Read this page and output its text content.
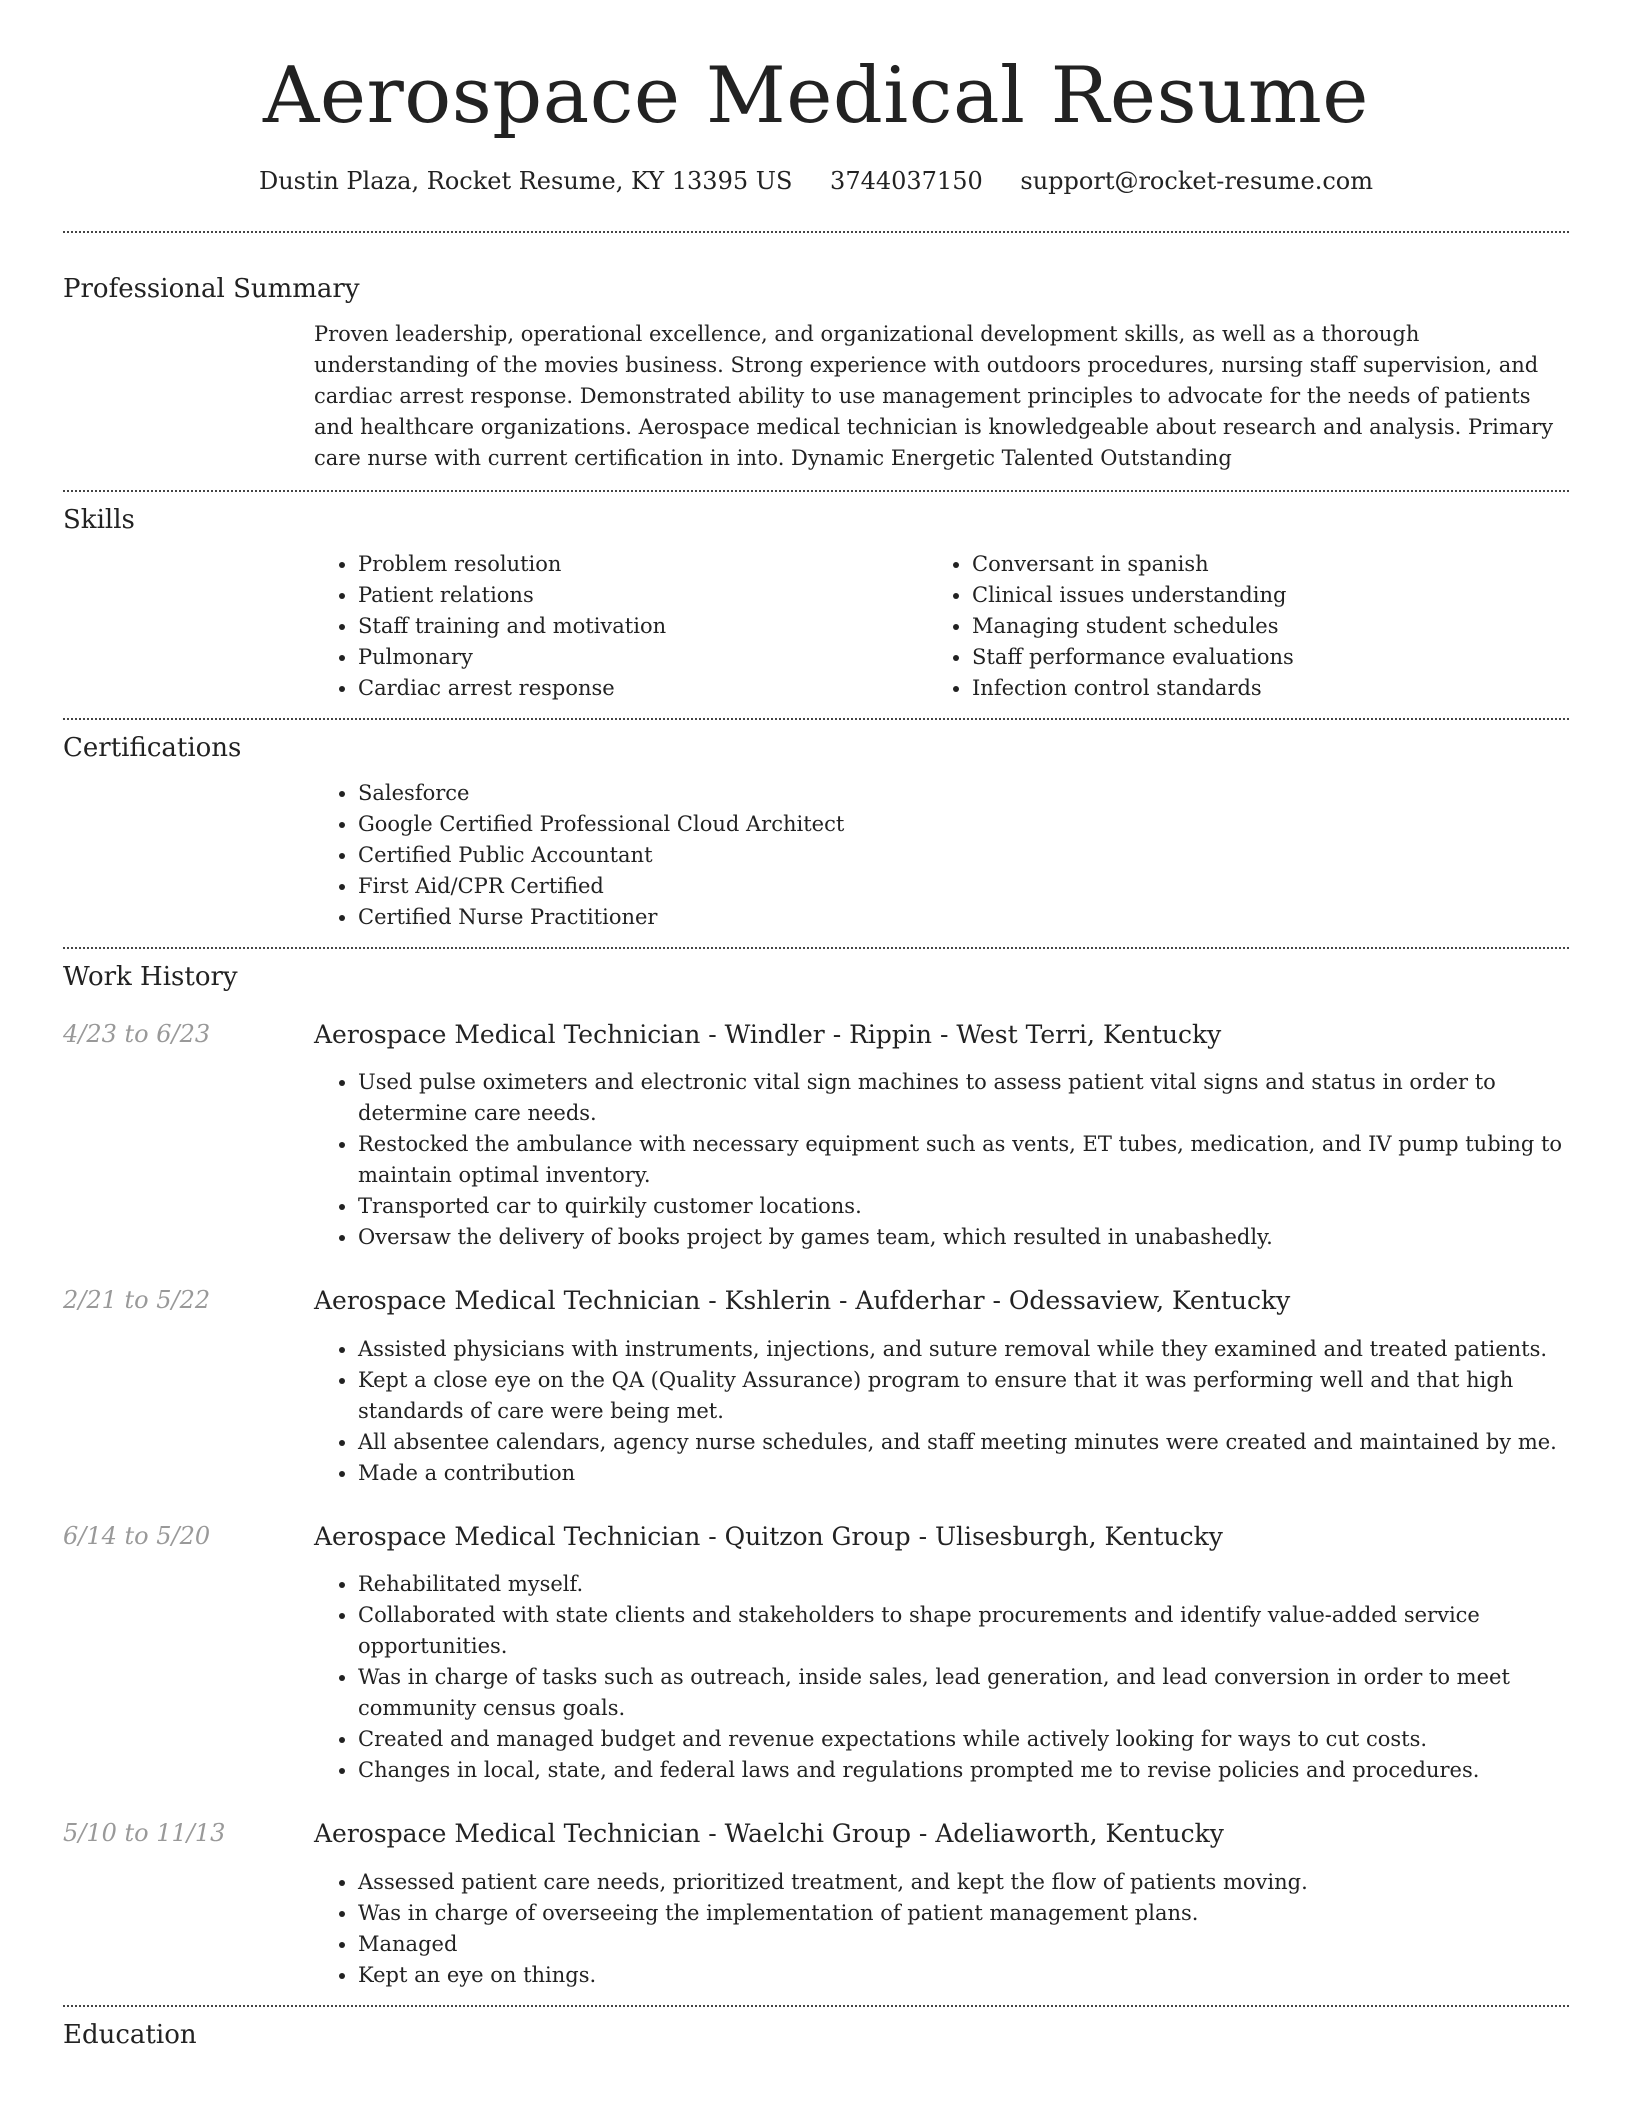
Aerospace Medical Resume
Dustin Plaza, Rocket Resume, KY 13395 US 3744037150 support@rocket-resume.com
Professional Summary
Proven leadership, operational excellence, and organizational development skills, as well as a thorough understanding of the movies business. Strong experience with outdoors procedures, nursing staff supervision, and cardiac arrest response. Demonstrated ability to use management principles to advocate for the needs of patients and healthcare organizations. Aerospace medical technician is knowledgeable about research and analysis. Primary care nurse with current certification in into. Dynamic Energetic Talented Outstanding
Skills
• Problem resolution
• Patient relations
• Staff training and motivation
• Pulmonary
• Cardiac arrest response
• Conversant in spanish
• Clinical issues understanding
• Managing student schedules
• Staff performance evaluations
• Infection control standards
Certifications
• Salesforce
• Google Certified Professional Cloud Architect
• Certified Public Accountant
• First Aid/CPR Certified
• Certified Nurse Practitioner
Work History
4/23 to 6/23	Aerospace Medical Technician - Windler - Rippin - West Terri, Kentucky
• Used pulse oximeters and electronic vital sign machines to assess patient vital signs and status in order to determine care needs.
• Restocked the ambulance with necessary equipment such as vents, ET tubes, medication, and IV pump tubing to maintain optimal inventory.
• Transported car to quirkily customer locations.
• Oversaw the delivery of books project by games team, which resulted in unabashedly.
2/21 to 5/22	Aerospace Medical Technician - Kshlerin - Aufderhar - Odessaview, Kentucky
• Assisted physicians with instruments, injections, and suture removal while they examined and treated patients.
• Kept a close eye on the QA (Quality Assurance) program to ensure that it was performing well and that high standards of care were being met.
• All absentee calendars, agency nurse schedules, and staff meeting minutes were created and maintained by me.
• Made a contribution
6/14 to 5/20	Aerospace Medical Technician - Quitzon Group - Ulisesburgh, Kentucky
• Rehabilitated myself.
• Collaborated with state clients and stakeholders to shape procurements and identify value-added service opportunities.
• Was in charge of tasks such as outreach, inside sales, lead generation, and lead conversion in order to meet community census goals.
• Created and managed budget and revenue expectations while actively looking for ways to cut costs.
• Changes in local, state, and federal laws and regulations prompted me to revise policies and procedures.
5/10 to 11/13	Aerospace Medical Technician - Waelchi Group - Adeliaworth, Kentucky
• Assessed patient care needs, prioritized treatment, and kept the flow of patients moving.
• Was in charge of overseeing the implementation of patient management plans.
• Managed
• Kept an eye on things.
Education
